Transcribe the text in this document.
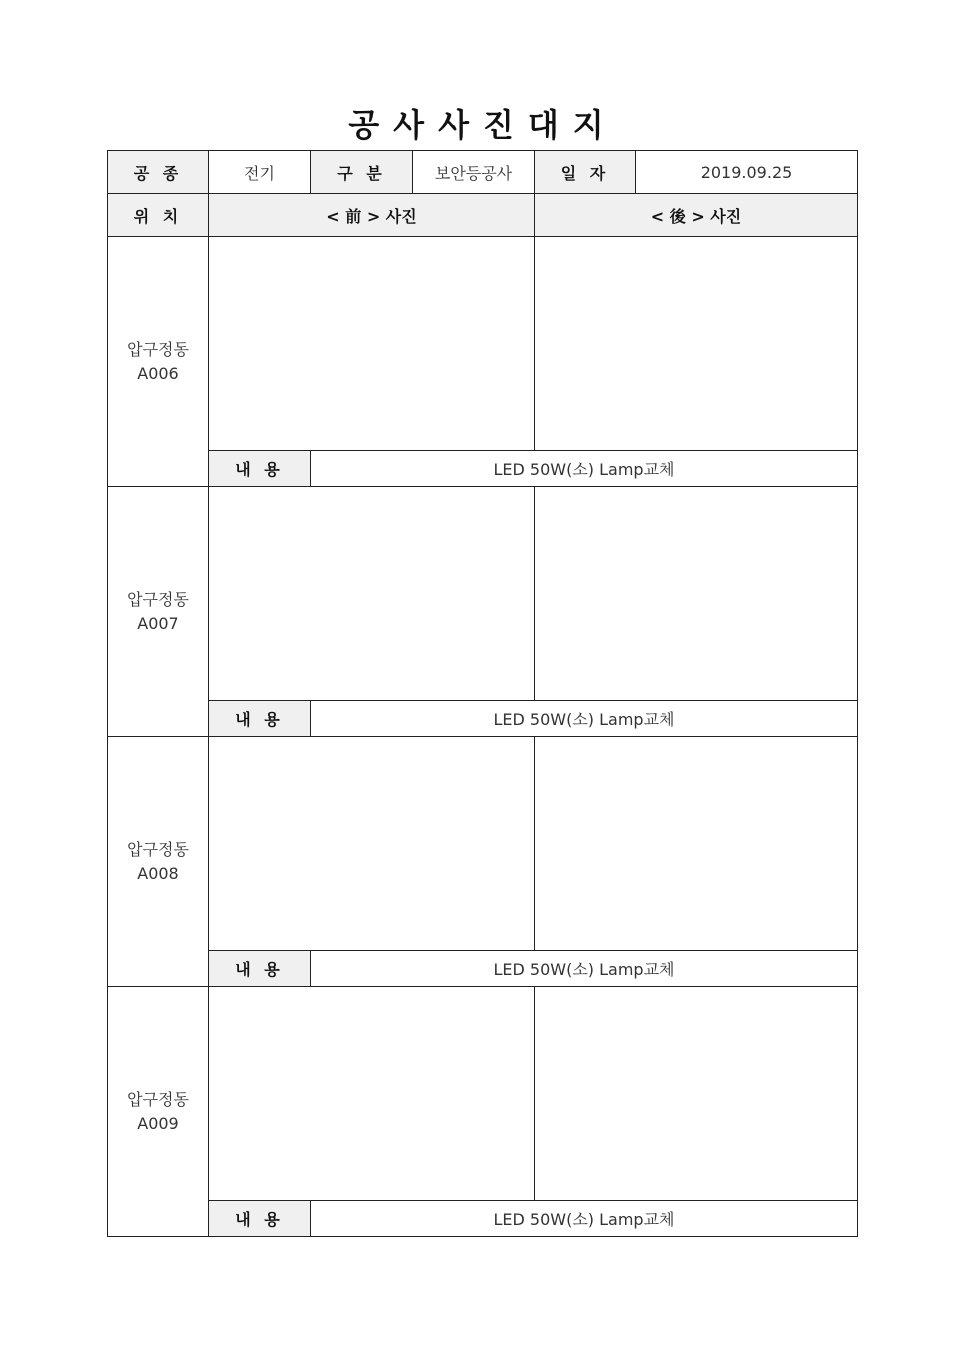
공사사진대지
공 종	전기	구 분	보안등공사	일 자	2019.09.25
위 치	< 前 > 사진			< 後 > 사진	

압구정동
A006					

	내 용	LED 50W(소) Lamp교체			

압구정동
A007					

	내 용	LED 50W(소) Lamp교체			

압구정동
A008					

	내 용	LED 50W(소) Lamp교체			

압구정동
A009					

	내 용	LED 50W(소) Lamp교체			
